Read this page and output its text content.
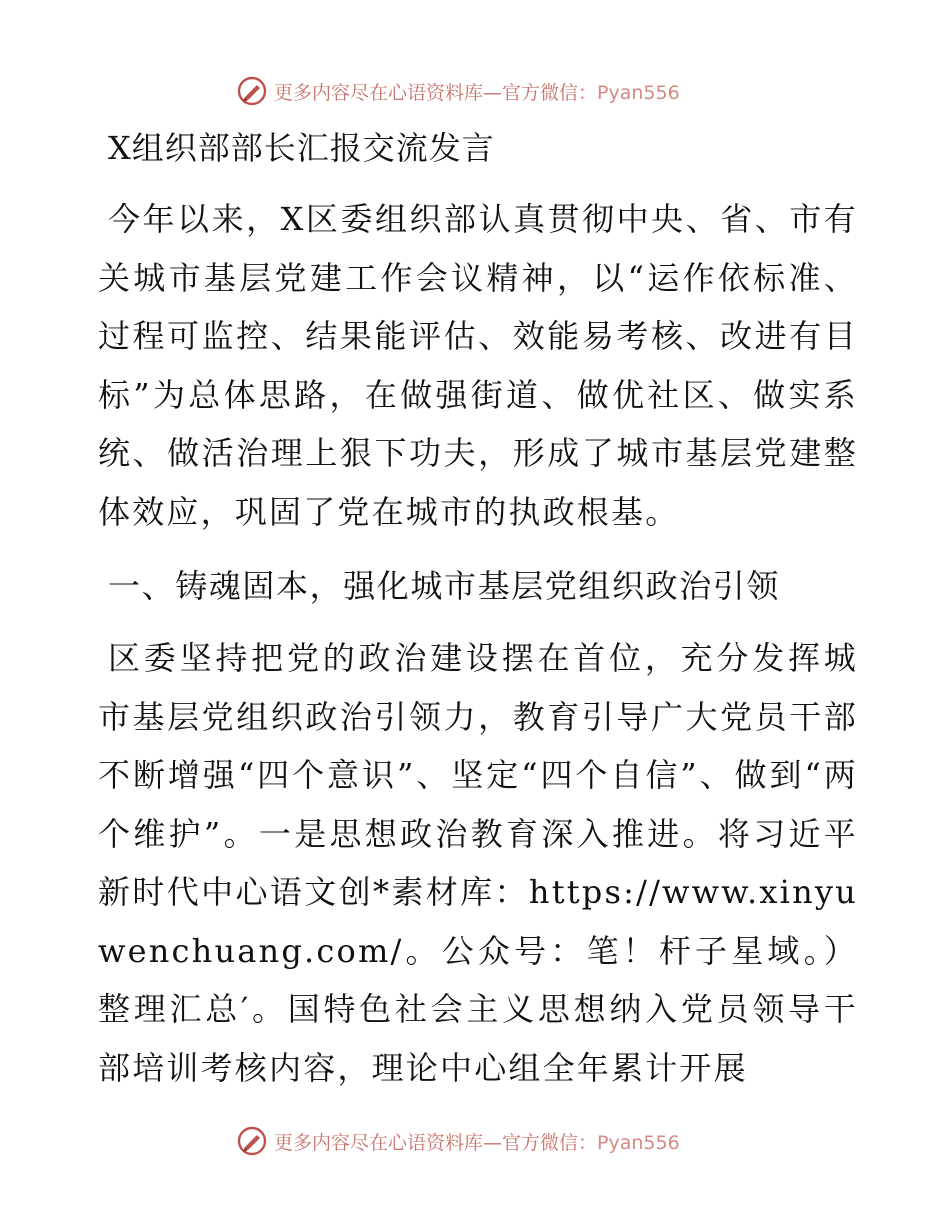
更多内容尽在心语资料库—官方微信：Pyan556
X组织部部长汇报交流发言

今年以来，X区委组织部认真贯彻中央、省、市有关城市基层党建工作会议精神，以“运作依标准、过程可监控、结果能评估、效能易考核、改进有目标”为总体思路，在做强街道、做优社区、做实系统、做活治理上狠下功夫，形成了城市基层党建整体效应，巩固了党在城市的执政根基。

一、铸魂固本，强化城市基层党组织政治引领

区委坚持把党的政治建设摆在首位，充分发挥城市基层党组织政治引领力，教育引导广大党员干部不断增强“四个意识”、坚定“四个自信”、做到“两个维护”。一是思想政治教育深入推进。将习近平新时代中心语文创*素材库：https://www.xinyuwenchuang.com/。公众号：笔！杆子星域。）整理汇总′。国特色社会主义思想纳入党员领导干部培训考核内容，理论中心组全年累计开展

更多内容尽在心语资料库—官方微信：Pyan556
